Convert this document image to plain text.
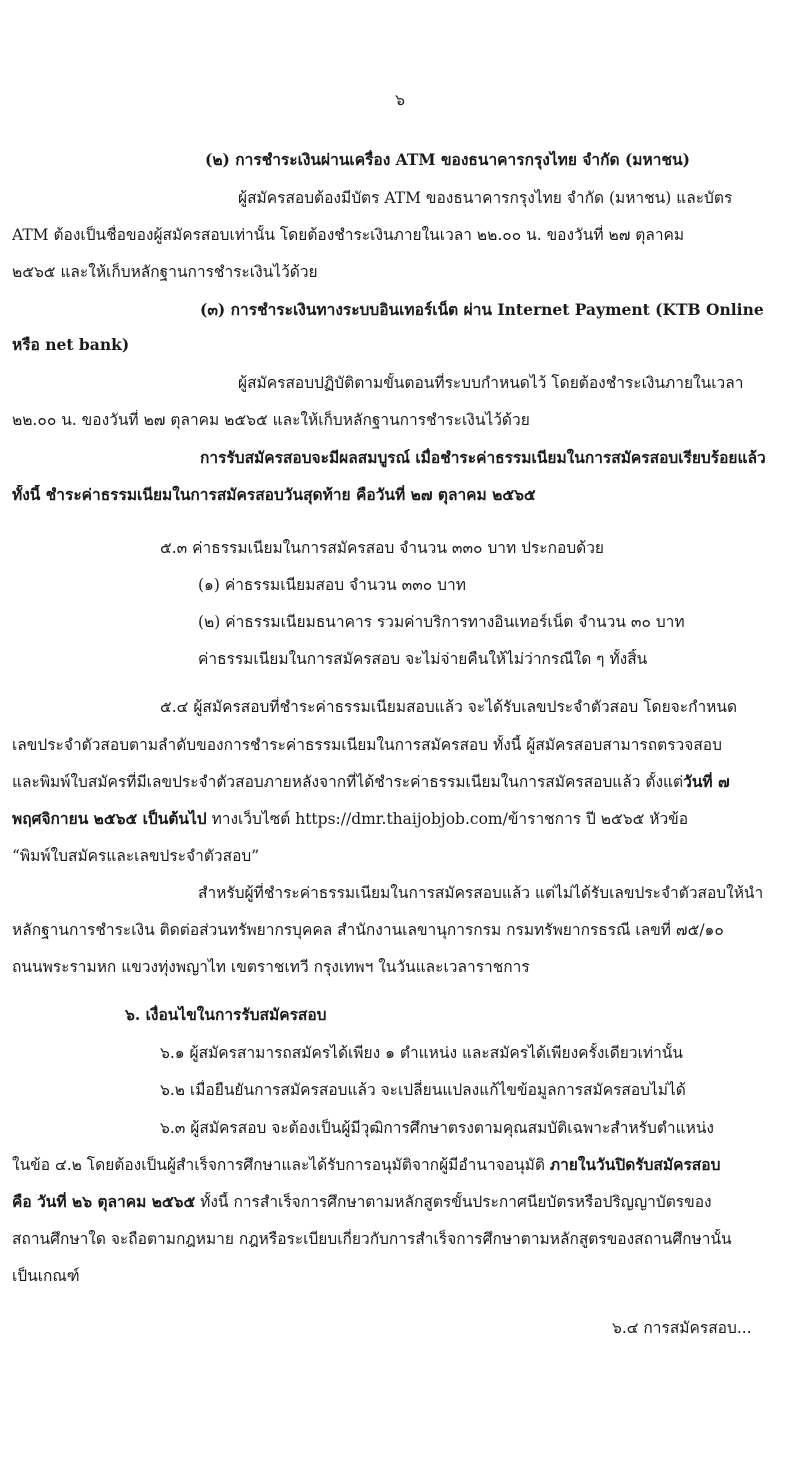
๖
(๒) การชำระเงินผ่านเครื่อง ATM ของธนาคารกรุงไทย จำกัด (มหาชน)
ผู้สมัครสอบต้องมีบัตร ATM ของธนาคารกรุงไทย จำกัด (มหาชน) และบัตร
ATM ต้องเป็นชื่อของผู้สมัครสอบเท่านั้น โดยต้องชำระเงินภายในเวลา ๒๒.๐๐ น. ของวันที่ ๒๗ ตุลาคม
๒๕๖๕ และให้เก็บหลักฐานการชำระเงินไว้ด้วย
(๓) การชำระเงินทางระบบอินเทอร์เน็ต ผ่าน Internet Payment (KTB Online
หรือ net bank)
ผู้สมัครสอบปฏิบัติตามขั้นตอนที่ระบบกำหนดไว้ โดยต้องชำระเงินภายในเวลา
๒๒.๐๐ น. ของวันที่ ๒๗ ตุลาคม ๒๕๖๕ และให้เก็บหลักฐานการชำระเงินไว้ด้วย
การรับสมัครสอบจะมีผลสมบูรณ์ เมื่อชำระค่าธรรมเนียมในการสมัครสอบเรียบร้อยแล้ว
ทั้งนี้ ชำระค่าธรรมเนียมในการสมัครสอบวันสุดท้าย คือวันที่ ๒๗ ตุลาคม ๒๕๖๕
๕.๓ ค่าธรรมเนียมในการสมัครสอบ จำนวน ๓๓๐ บาท ประกอบด้วย
(๑) ค่าธรรมเนียมสอบ จำนวน ๓๓๐ บาท
(๒) ค่าธรรมเนียมธนาคาร รวมค่าบริการทางอินเทอร์เน็ต จำนวน ๓๐ บาท
ค่าธรรมเนียมในการสมัครสอบ จะไม่จ่ายคืนให้ไม่ว่ากรณีใด ๆ ทั้งสิ้น
๕.๔ ผู้สมัครสอบที่ชำระค่าธรรมเนียมสอบแล้ว จะได้รับเลขประจำตัวสอบ โดยจะกำหนด
เลขประจำตัวสอบตามลำดับของการชำระค่าธรรมเนียมในการสมัครสอบ ทั้งนี้ ผู้สมัครสอบสามารถตรวจสอบ
และพิมพ์ใบสมัครที่มีเลขประจำตัวสอบภายหลังจากที่ได้ชำระค่าธรรมเนียมในการสมัครสอบแล้ว ตั้งแต่วันที่ ๗
พฤศจิกายน ๒๕๖๕ เป็นต้นไป ทางเว็บไซต์ https://dmr.thaijobjob.com/ข้าราชการ ปี ๒๕๖๕ หัวข้อ
“พิมพ์ใบสมัครและเลขประจำตัวสอบ”
สำหรับผู้ที่ชำระค่าธรรมเนียมในการสมัครสอบแล้ว แต่ไม่ได้รับเลขประจำตัวสอบให้นำ
หลักฐานการชำระเงิน ติดต่อส่วนทรัพยากรบุคคล สำนักงานเลขานุการกรม กรมทรัพยากรธรณี เลขที่ ๗๕/๑๐
ถนนพระรามหก แขวงทุ่งพญาไท เขตราชเทวี กรุงเทพฯ ในวันและเวลาราชการ
๖. เงื่อนไขในการรับสมัครสอบ
๖.๑ ผู้สมัครสามารถสมัครได้เพียง ๑ ตำแหน่ง และสมัครได้เพียงครั้งเดียวเท่านั้น
๖.๒ เมื่อยืนยันการสมัครสอบแล้ว จะเปลี่ยนแปลงแก้ไขข้อมูลการสมัครสอบไม่ได้
๖.๓ ผู้สมัครสอบ จะต้องเป็นผู้มีวุฒิการศึกษาตรงตามคุณสมบัติเฉพาะสำหรับตำแหน่ง
ในข้อ ๔.๒ โดยต้องเป็นผู้สำเร็จการศึกษาและได้รับการอนุมัติจากผู้มีอำนาจอนุมัติ ภายในวันปิดรับสมัครสอบ
คือ วันที่ ๒๖ ตุลาคม ๒๕๖๕ ทั้งนี้ การสำเร็จการศึกษาตามหลักสูตรขั้นประกาศนียบัตรหรือปริญญาบัตรของ
สถานศึกษาใด จะถือตามกฎหมาย กฎหรือระเบียบเกี่ยวกับการสำเร็จการศึกษาตามหลักสูตรของสถานศึกษานั้น
เป็นเกณฑ์
๖.๔ การสมัครสอบ...
